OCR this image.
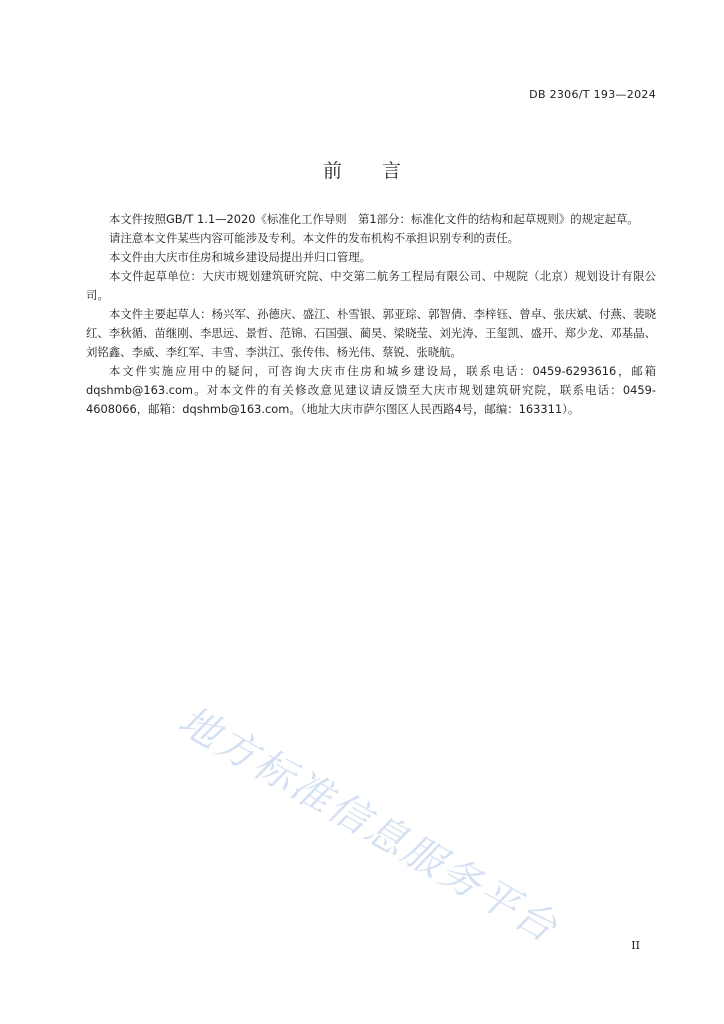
DB 2306/T 193—2024
前言

本文件按照GB/T 1.1—2020《标准化工作导则　第1部分：标准化文件的结构和起草规则》的规定起草。

请注意本文件某些内容可能涉及专利。本文件的发布机构不承担识别专利的责任。

本文件由大庆市住房和城乡建设局提出并归口管理。

本文件起草单位：大庆市规划建筑研究院、中交第二航务工程局有限公司、中规院（北京）规划设计有限公司。

本文件主要起草人：杨兴军、孙德庆、盛江、朴雪银、郭亚琮、郭智倩、李梓钰、曾卓、张庆斌、付燕、裴晓红、李秋循、苗继刚、李思远、景哲、范锦、石国强、蔺昊、梁晓莹、刘光涛、王玺凯、盛开、郑少龙、邓基晶、刘铭鑫、李威、李红军、丰雪、李洪江、张传伟、杨光伟、蔡锐、张晓航。

本文件实施应用中的疑问，可咨询大庆市住房和城乡建设局，联系电话：0459-6293616，邮箱dqshmb@163.com。对本文件的有关修改意见建议请反馈至大庆市规划建筑研究院，联系电话：0459-4608066，邮箱：dqshmb@163.com。（地址大庆市萨尔图区人民西路4号，邮编：163311）。

地方标准信息服务平台	II
